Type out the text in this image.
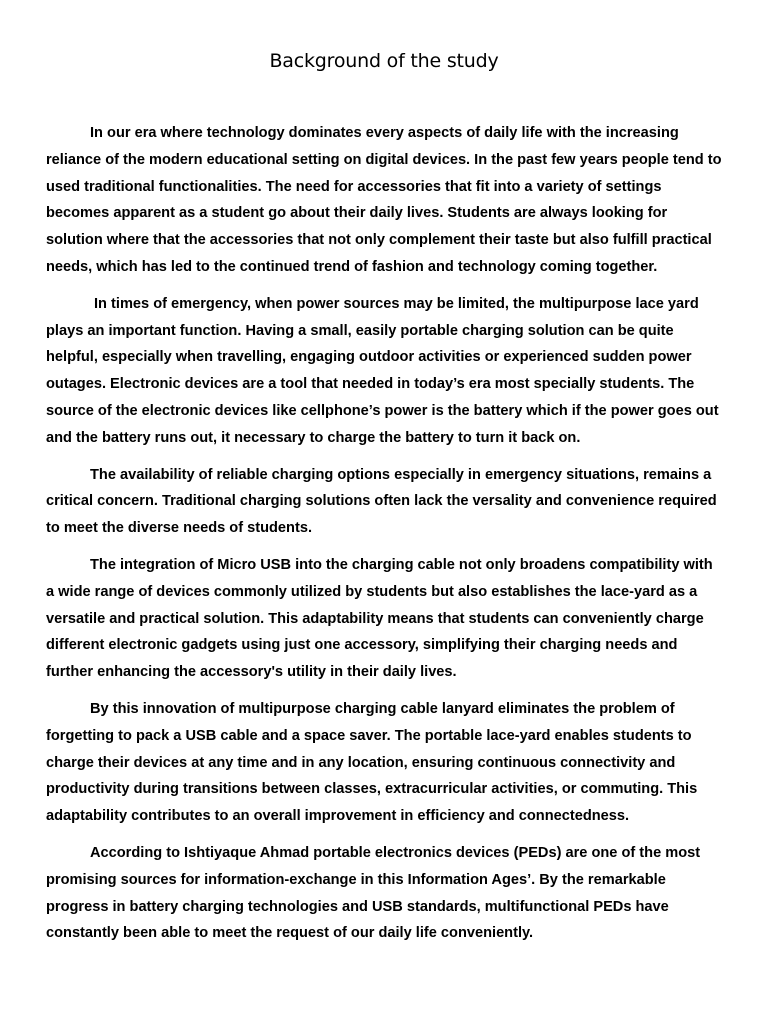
Background of the study

In our era where technology dominates every aspects of daily life with the increasing reliance of the modern educational setting on digital devices. In the past few years people tend to used traditional functionalities. The need for accessories that fit into a variety of settings becomes apparent as a student go about their daily lives. Students are always looking for solution where that the accessories that not only complement their taste but also fulfill practical needs, which has led to the continued trend of fashion and technology coming together.

In times of emergency, when power sources may be limited, the multipurpose lace yard plays an important function. Having a small, easily portable charging solution can be quite helpful, especially when travelling, engaging outdoor activities or experienced sudden power outages. Electronic devices are a tool that needed in today’s era most specially students. The source of the electronic devices like cellphone’s power is the battery which if the power goes out and the battery runs out, it necessary to charge the battery to turn it back on.

The availability of reliable charging options especially in emergency situations, remains a critical concern. Traditional charging solutions often lack the versality and convenience required to meet the diverse needs of students.

The integration of Micro USB into the charging cable not only broadens compatibility with a wide range of devices commonly utilized by students but also establishes the lace-yard as a versatile and practical solution. This adaptability means that students can conveniently charge different electronic gadgets using just one accessory, simplifying their charging needs and further enhancing the accessory's utility in their daily lives.

By this innovation of multipurpose charging cable lanyard eliminates the problem of forgetting to pack a USB cable and a space saver. The portable lace-yard enables students to charge their devices at any time and in any location, ensuring continuous connectivity and productivity during transitions between classes, extracurricular activities, or commuting. This adaptability contributes to an overall improvement in efficiency and connectedness.

According to Ishtiyaque Ahmad portable electronics devices (PEDs) are one of the most promising sources for information-exchange in this Information Ages’. By the remarkable progress in battery charging technologies and USB standards, multifunctional PEDs have constantly been able to meet the request of our daily life conveniently.
